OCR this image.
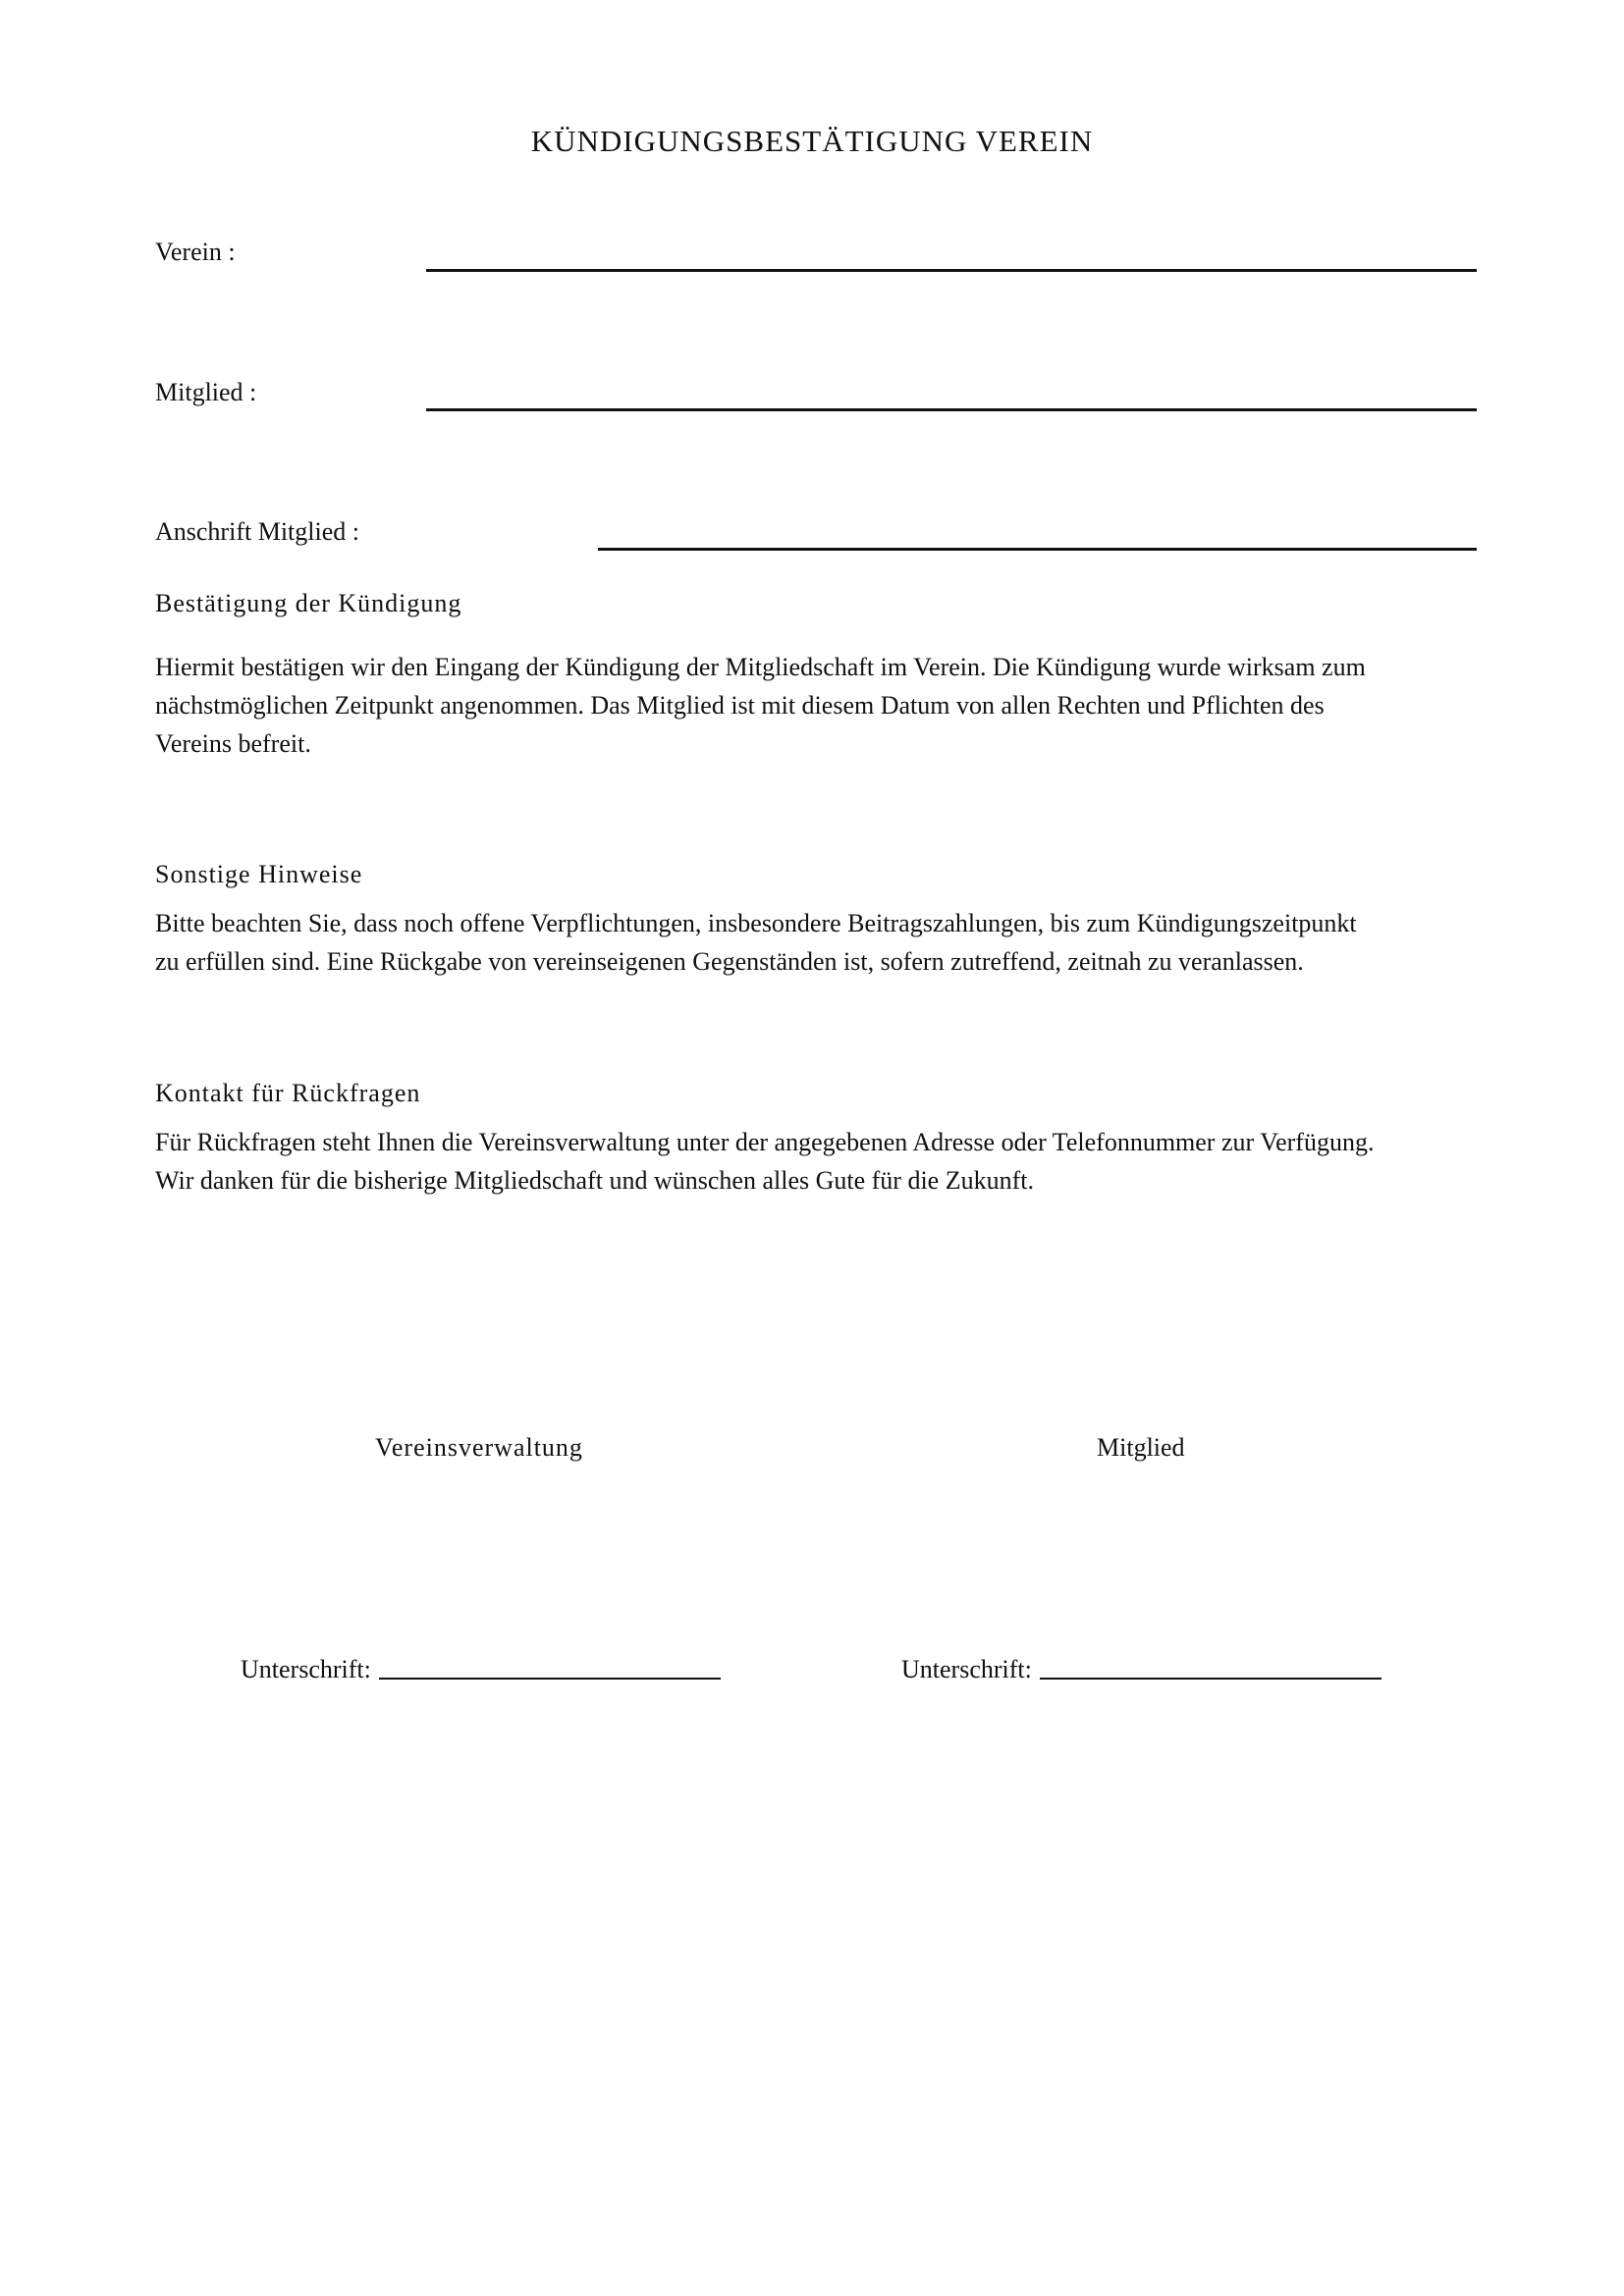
KÜNDIGUNGSBESTÄTIGUNG VEREIN
Verein :
Mitglied :
Anschrift Mitglied :
Bestätigung der Kündigung
Hiermit bestätigen wir den Eingang der Kündigung der Mitgliedschaft im Verein. Die Kündigung wurde wirksam zum
nächstmöglichen Zeitpunkt angenommen. Das Mitglied ist mit diesem Datum von allen Rechten und Pflichten des
Vereins befreit.
Sonstige Hinweise
Bitte beachten Sie, dass noch offene Verpflichtungen, insbesondere Beitragszahlungen, bis zum Kündigungszeitpunkt
zu erfüllen sind. Eine Rückgabe von vereinseigenen Gegenständen ist, sofern zutreffend, zeitnah zu veranlassen.
Kontakt für Rückfragen
Für Rückfragen steht Ihnen die Vereinsverwaltung unter der angegebenen Adresse oder Telefonnummer zur Verfügung.
Wir danken für die bisherige Mitgliedschaft und wünschen alles Gute für die Zukunft.
Vereinsverwaltung	Mitglied
Unterschrift:	Unterschrift:
